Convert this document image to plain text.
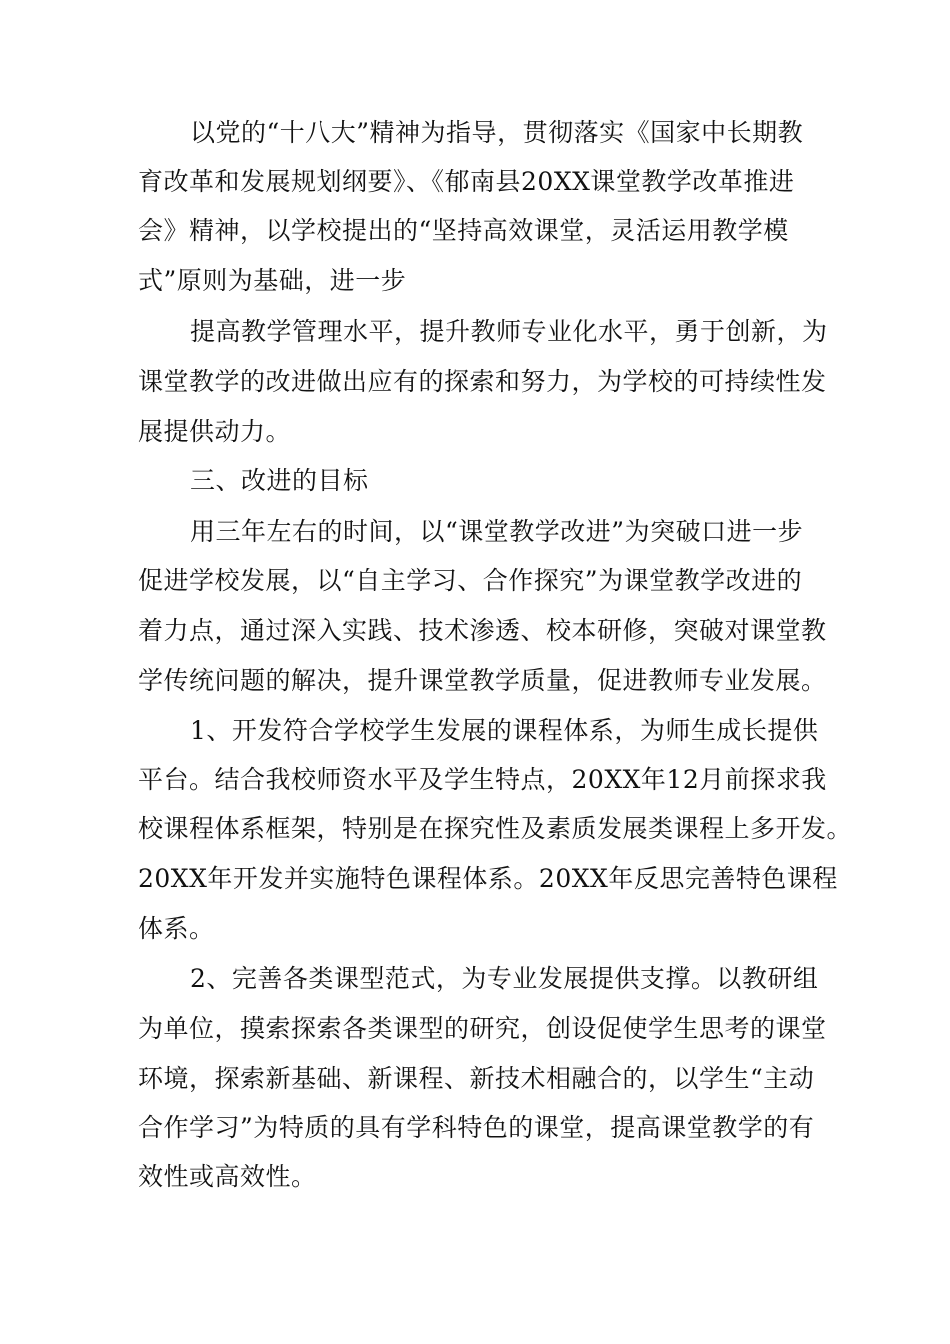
以党的“十八大”精神为指导，贯彻落实《国家中长期教
育改革和发展规划纲要》、《郁南县20XX课堂教学改革推进
会》精神，以学校提出的“坚持高效课堂，灵活运用教学模
式”原则为基础，进一步
提高教学管理水平，提升教师专业化水平，勇于创新，为
课堂教学的改进做出应有的探索和努力，为学校的可持续性发
展提供动力。
三、改进的目标
用三年左右的时间，以“课堂教学改进”为突破口进一步
促进学校发展，以“自主学习、合作探究”为课堂教学改进的
着力点，通过深入实践、技术渗透、校本研修，突破对课堂教
学传统问题的解决，提升课堂教学质量，促进教师专业发展。
1、开发符合学校学生发展的课程体系，为师生成长提供
平台。结合我校师资水平及学生特点，20XX年12月前探求我
校课程体系框架，特别是在探究性及素质发展类课程上多开发。
20XX年开发并实施特色课程体系。20XX年反思完善特色课程
体系。
2、完善各类课型范式，为专业发展提供支撑。以教研组
为单位，摸索探索各类课型的研究，创设促使学生思考的课堂
环境，探索新基础、新课程、新技术相融合的，以学生“主动
合作学习”为特质的具有学科特色的课堂，提高课堂教学的有
效性或高效性。
